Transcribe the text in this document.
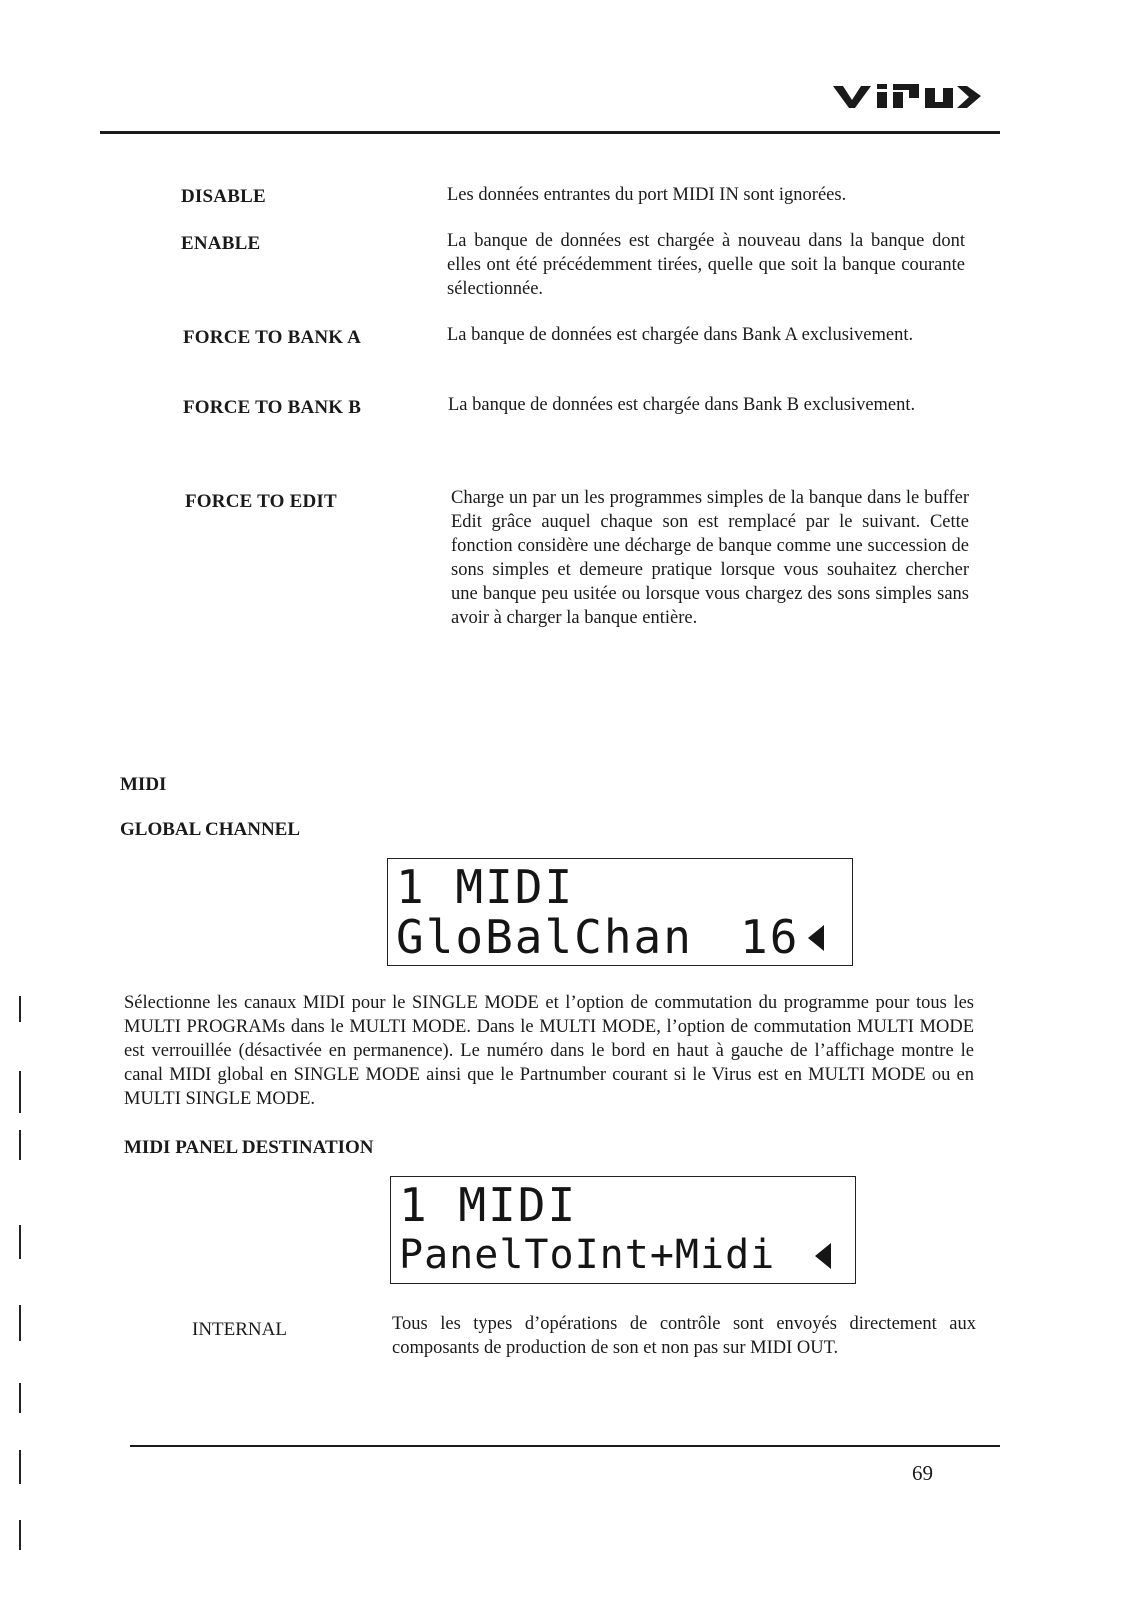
DISABLE	Les données entrantes du port MIDI IN sont ignorées.
ENABLE	La banque de données est chargée à nouveau dans la banque dont elles ont été précédemment tirées, quelle que soit la banque courante sélectionnée.
FORCE TO BANK A	La banque de données est chargée dans Bank A exclusivement.
FORCE TO BANK B	La banque de données est chargée dans Bank B exclusivement.
FORCE TO EDIT	Charge un par un les programmes simples de la banque dans le buffer Edit grâce auquel chaque son est remplacé par le suivant. Cette fonction considère une décharge de banque comme une succession de sons simples et demeure pratique lorsque vous souhaitez chercher une banque peu usitée ou lorsque vous chargez des sons simples sans avoir à charger la banque entière.
MIDI
GLOBAL CHANNEL
1 MIDI
GloBalChan 16
Sélectionne les canaux MIDI pour le SINGLE MODE et l’option de commutation du programme pour tous les MULTI PROGRAMs dans le MULTI MODE. Dans le MULTI MODE, l’option de commutation MULTI MODE est verrouillée (désactivée en permanence). Le numéro dans le bord en haut à gauche de l’affichage montre le canal MIDI global en SINGLE MODE ainsi que le Partnumber courant si le Virus est en MULTI MODE ou en MULTI SINGLE MODE.
MIDI PANEL DESTINATION
1 MIDI
PanelToInt+Midi
INTERNAL	Tous les types d’opérations de contrôle sont envoyés directement aux composants de production de son et non pas sur MIDI OUT.
69
